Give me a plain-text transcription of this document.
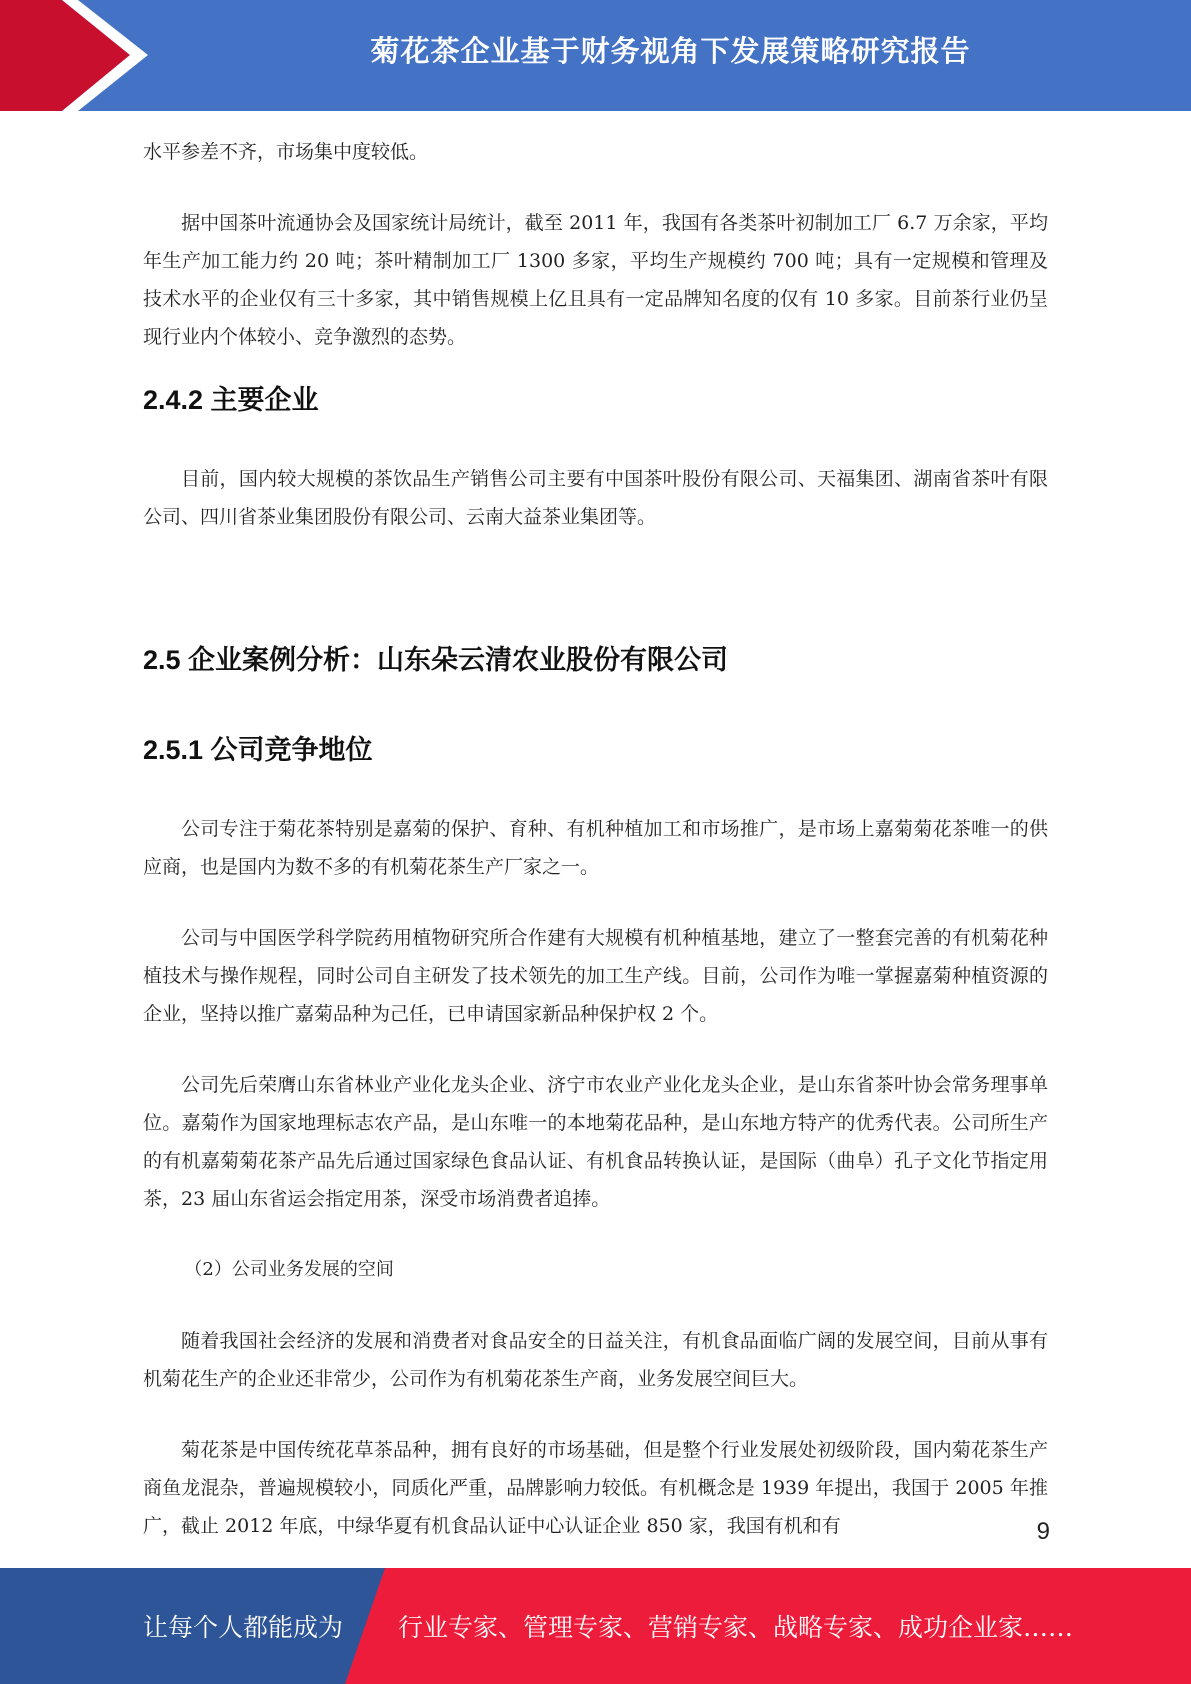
菊花茶企业基于财务视角下发展策略研究报告

水平参差不齐，市场集中度较低。

据中国茶叶流通协会及国家统计局统计，截至 2011 年，我国有各类茶叶初制加工厂 6.7 万余家，平均年生产加工能力约 20 吨；茶叶精制加工厂 1300 多家，平均生产规模约 700 吨；具有一定规模和管理及技术水平的企业仅有三十多家，其中销售规模上亿且具有一定品牌知名度的仅有 10 多家。目前茶行业仍呈现行业内个体较小、竞争激烈的态势。

2.4.2 主要企业

目前，国内较大规模的茶饮品生产销售公司主要有中国茶叶股份有限公司、天福集团、湖南省茶叶有限公司、四川省茶业集团股份有限公司、云南大益茶业集团等。

2.5 企业案例分析：山东朵云清农业股份有限公司
2.5.1 公司竞争地位

公司专注于菊花茶特别是嘉菊的保护、育种、有机种植加工和市场推广，是市场上嘉菊菊花茶唯一的供应商，也是国内为数不多的有机菊花茶生产厂家之一。

公司与中国医学科学院药用植物研究所合作建有大规模有机种植基地，建立了一整套完善的有机菊花种植技术与操作规程，同时公司自主研发了技术领先的加工生产线。目前，公司作为唯一掌握嘉菊种植资源的企业，坚持以推广嘉菊品种为己任，已申请国家新品种保护权 2 个。

公司先后荣膺山东省林业产业化龙头企业、济宁市农业产业化龙头企业，是山东省茶叶协会常务理事单位。嘉菊作为国家地理标志农产品，是山东唯一的本地菊花品种，是山东地方特产的优秀代表。公司所生产的有机嘉菊菊花茶产品先后通过国家绿色食品认证、有机食品转换认证，是国际（曲阜）孔子文化节指定用茶，23 届山东省运会指定用茶，深受市场消费者追捧。

（2）公司业务发展的空间

随着我国社会经济的发展和消费者对食品安全的日益关注，有机食品面临广阔的发展空间，目前从事有机菊花生产的企业还非常少，公司作为有机菊花茶生产商，业务发展空间巨大。

菊花茶是中国传统花草茶品种，拥有良好的市场基础，但是整个行业发展处初级阶段，国内菊花茶生产商鱼龙混杂，普遍规模较小，同质化严重，品牌影响力较低。有机概念是 1939 年提出，我国于 2005 年推广，截止 2012 年底，中绿华夏有机食品认证中心认证企业 850 家，我国有机和有	9
让每个人都能成为 行业专家、管理专家、营销专家、战略专家、成功企业家……
